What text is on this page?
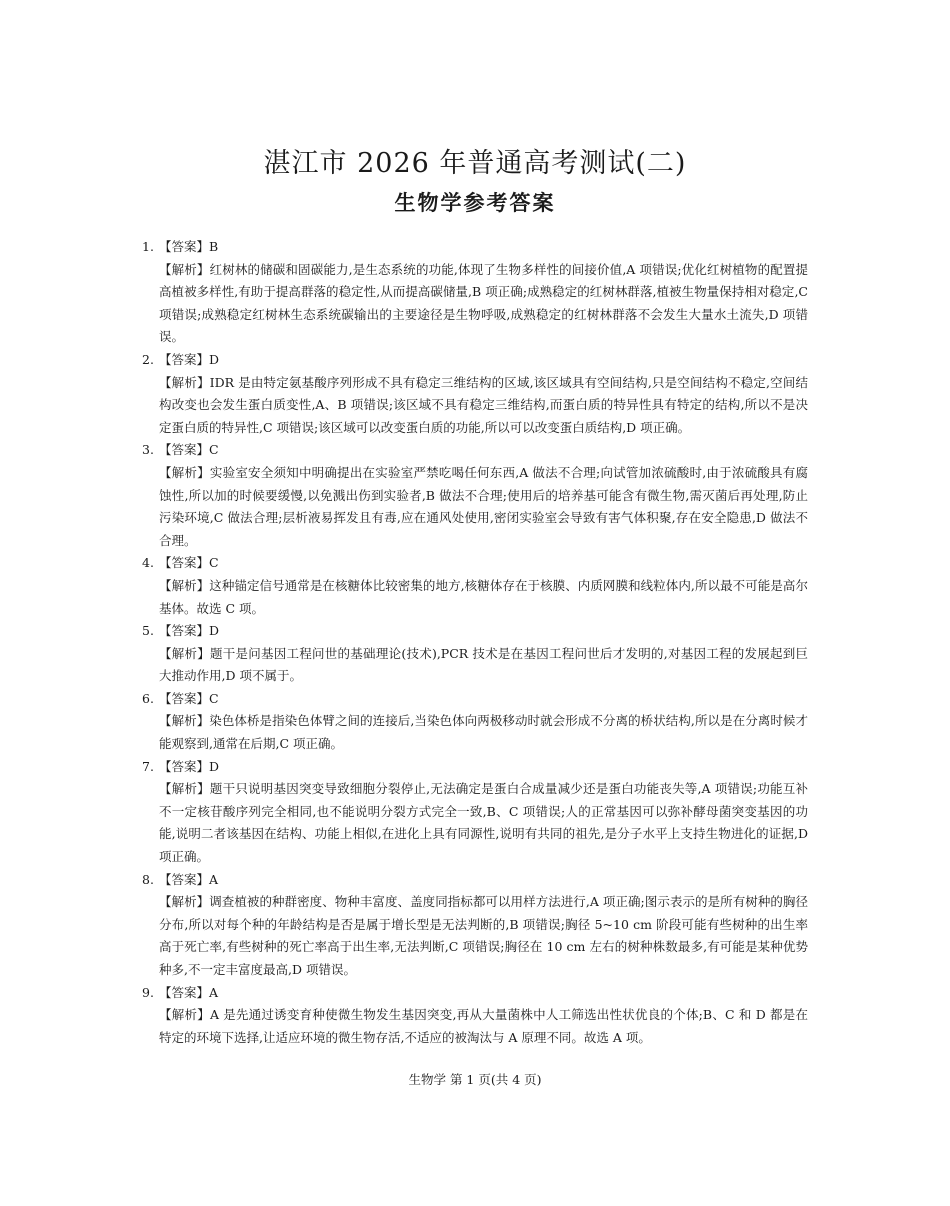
湛江市 2026 年普通高考测试(二)
生物学参考答案
1. 【答案】B
【解析】红树林的储碳和固碳能力,是生态系统的功能,体现了生物多样性的间接价值,A 项错误;优化红树植物的配置提高植被多样性,有助于提高群落的稳定性,从而提高碳储量,B 项正确;成熟稳定的红树林群落,植被生物量保持相对稳定,C 项错误;成熟稳定红树林生态系统碳输出的主要途径是生物呼吸,成熟稳定的红树林群落不会发生大量水土流失,D 项错误。
2. 【答案】D
【解析】IDR 是由特定氨基酸序列形成不具有稳定三维结构的区域,该区域具有空间结构,只是空间结构不稳定,空间结构改变也会发生蛋白质变性,A、B 项错误;该区域不具有稳定三维结构,而蛋白质的特异性具有特定的结构,所以不是决定蛋白质的特异性,C 项错误;该区域可以改变蛋白质的功能,所以可以改变蛋白质结构,D 项正确。
3. 【答案】C
【解析】实验室安全须知中明确提出在实验室严禁吃喝任何东西,A 做法不合理;向试管加浓硫酸时,由于浓硫酸具有腐蚀性,所以加的时候要缓慢,以免溅出伤到实验者,B 做法不合理;使用后的培养基可能含有微生物,需灭菌后再处理,防止污染环境,C 做法合理;层析液易挥发且有毒,应在通风处使用,密闭实验室会导致有害气体积聚,存在安全隐患,D 做法不合理。
4. 【答案】C
【解析】这种锚定信号通常是在核糖体比较密集的地方,核糖体存在于核膜、内质网膜和线粒体内,所以最不可能是高尔基体。故选 C 项。
5. 【答案】D
【解析】题干是问基因工程问世的基础理论(技术),PCR 技术是在基因工程问世后才发明的,对基因工程的发展起到巨大推动作用,D 项不属于。
6. 【答案】C
【解析】染色体桥是指染色体臂之间的连接后,当染色体向两极移动时就会形成不分离的桥状结构,所以是在分离时候才能观察到,通常在后期,C 项正确。
7. 【答案】D
【解析】题干只说明基因突变导致细胞分裂停止,无法确定是蛋白合成量减少还是蛋白功能丧失等,A 项错误;功能互补不一定核苷酸序列完全相同,也不能说明分裂方式完全一致,B、C 项错误;人的正常基因可以弥补酵母菌突变基因的功能,说明二者该基因在结构、功能上相似,在进化上具有同源性,说明有共同的祖先,是分子水平上支持生物进化的证据,D 项正确。
8. 【答案】A
【解析】调查植被的种群密度、物种丰富度、盖度同指标都可以用样方法进行,A 项正确;图示表示的是所有树种的胸径分布,所以对每个种的年龄结构是否是属于增长型是无法判断的,B 项错误;胸径 5~10 cm 阶段可能有些树种的出生率高于死亡率,有些树种的死亡率高于出生率,无法判断,C 项错误;胸径在 10 cm 左右的树种株数最多,有可能是某种优势种多,不一定丰富度最高,D 项错误。
9. 【答案】A
【解析】A 是先通过诱变育种使微生物发生基因突变,再从大量菌株中人工筛选出性状优良的个体;B、C 和 D 都是在特定的环境下选择,让适应环境的微生物存活,不适应的被淘汰与 A 原理不同。故选 A 项。
生物学 第 1 页(共 4 页)
